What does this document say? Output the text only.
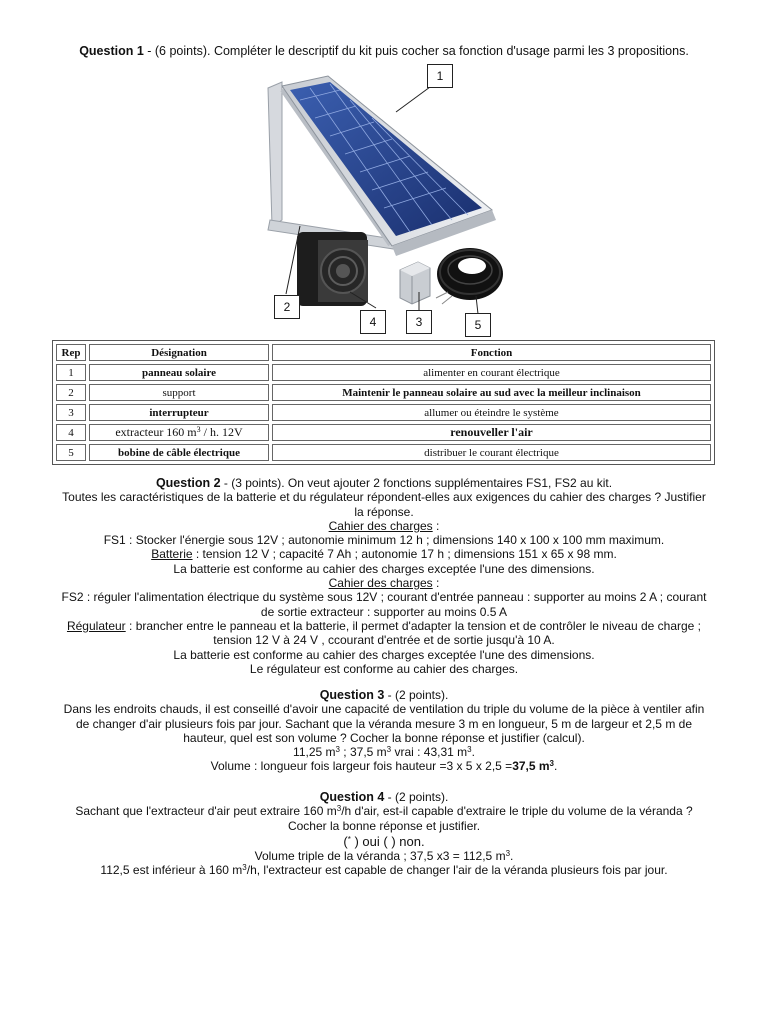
Question 1 - (6 points). Compléter le descriptif du kit puis cocher sa fonction d'usage parmi les 3 propositions.
1
2
4	3	5
Rep	Désignation	Fonction
1	panneau solaire	alimenter en courant électrique
2	support	Maintenir le panneau solaire au sud avec la meilleur inclinaison
3	interrupteur	allumer ou éteindre le système
4	extracteur 160 $m^3$ / h. 12V	renouveller l'air
5	bobine de câble électrique	distribuer le courant électrique
Question 2 - (3 points). On veut ajouter 2 fonctions supplémentaires FS1, FS2 au kit.
Toutes les caractéristiques de la batterie et du régulateur répondent-elles aux exigences du cahier des charges ? Justifier
la réponse.
Cahier des charges :
FS1 : Stocker l'énergie sous 12V ; autonomie minimum 12 h ; dimensions 140 x 100 x 100 mm maximum.
Batterie : tension 12 V ; capacité 7 Ah ; autonomie 17 h ; dimensions 151 x 65 x 98 mm.
La batterie est conforme au cahier des charges exceptée l'une des dimensions.
Cahier des charges :
FS2 : réguler l'alimentation électrique du système sous 12V ; courant d'entrée panneau : supporter au moins 2 A ; courant
de sortie extracteur : supporter au moins 0.5 A
Régulateur : brancher entre le panneau et la batterie, il permet d'adapter la tension et de contrôler le niveau de charge ;
tension 12 V à 24 V , ccourant d'entrée et de sortie jusqu'à 10 A.
La batterie est conforme au cahier des charges exceptée l'une des dimensions.
Le régulateur est conforme au cahier des charges.
Question 3 - (2 points).
Dans les endroits chauds, il est conseillé d'avoir une capacité de ventilation du triple du volume de la pièce à ventiler afin
de changer d'air plusieurs fois par jour. Sachant que la véranda mesure 3 m en longueur, 5 m de largeur et 2,5 m de
hauteur, quel est son volume ? Cocher la bonne réponse et justifier (calcul).
11,25 $m^3$ ; 37,5 $m^3$ vrai : 43,31 $m^3$.
Volume : longueur fois largeur fois hauteur =3 x 5 x 2,5 =37,5 $m^3$.
Question 4 - (2 points).
Sachant que l'extracteur d'air peut extraire 160 $m^3/h$ d'air, est-il capable d'extraire le triple du volume de la véranda ?
Cocher la bonne réponse et justifier.
(* ) oui ( ) non.
Volume triple de la véranda ; 37,5 x3 = 112,5 $m^3$.
112,5 est inférieur à 160 $m^3/h$, l'extracteur est capable de changer l'air de la véranda plusieurs fois par jour.
